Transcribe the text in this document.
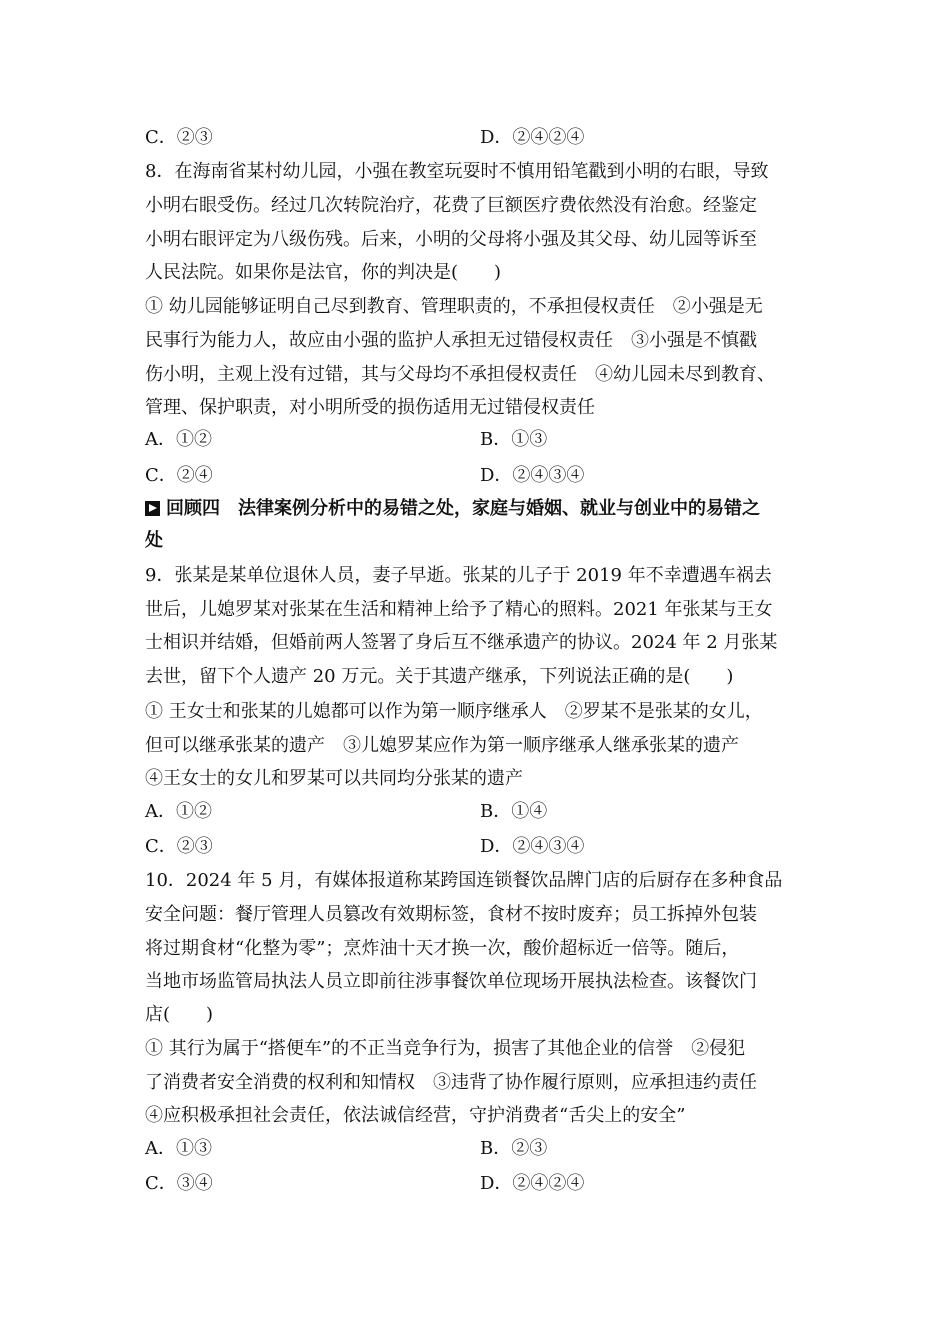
C．②③	D．②④②④
8．在海南省某村幼儿园，小强在教室玩耍时不慎用铅笔戳到小明的右眼，导致
小明右眼受伤。经过几次转院治疗，花费了巨额医疗费依然没有治愈。经鉴定
小明右眼评定为八级伤残。后来，小明的父母将小强及其父母、幼儿园等诉至
人民法院。如果你是法官，你的判决是(　　)
① 幼儿园能够证明自己尽到教育、管理职责的，不承担侵权责任　②小强是无
民事行为能力人，故应由小强的监护人承担无过错侵权责任　③小强是不慎戳
伤小明，主观上没有过错，其与父母均不承担侵权责任　④幼儿园未尽到教育、
管理、保护职责，对小明所受的损伤适用无过错侵权责任
A．①②	B．①③
C．②④	D．②④③④
回顾四　法律案例分析中的易错之处，家庭与婚姻、就业与创业中的易错之
处
9．张某是某单位退休人员，妻子早逝。张某的儿子于 2019 年不幸遭遇车祸去
世后，儿媳罗某对张某在生活和精神上给予了精心的照料。2021 年张某与王女
士相识并结婚，但婚前两人签署了身后互不继承遗产的协议。2024 年 2 月张某
去世，留下个人遗产 20 万元。关于其遗产继承，下列说法正确的是(　　)
① 王女士和张某的儿媳都可以作为第一顺序继承人　②罗某不是张某的女儿，
但可以继承张某的遗产　③儿媳罗某应作为第一顺序继承人继承张某的遗产
④王女士的女儿和罗某可以共同均分张某的遗产
A．①②	B．①④
C．②③	D．②④③④
10．2024 年 5 月，有媒体报道称某跨国连锁餐饮品牌门店的后厨存在多种食品
安全问题：餐厅管理人员篡改有效期标签，食材不按时废弃；员工拆掉外包装
将过期食材“化整为零”；烹炸油十天才换一次，酸价超标近一倍等。随后，
当地市场监管局执法人员立即前往涉事餐饮单位现场开展执法检查。该餐饮门
店(　　)
① 其行为属于“搭便车”的不正当竞争行为，损害了其他企业的信誉　②侵犯
了消费者安全消费的权利和知情权　③违背了协作履行原则，应承担违约责任
④应积极承担社会责任，依法诚信经营，守护消费者“舌尖上的安全”
A．①③	B．②③
C．③④	D．②④②④
